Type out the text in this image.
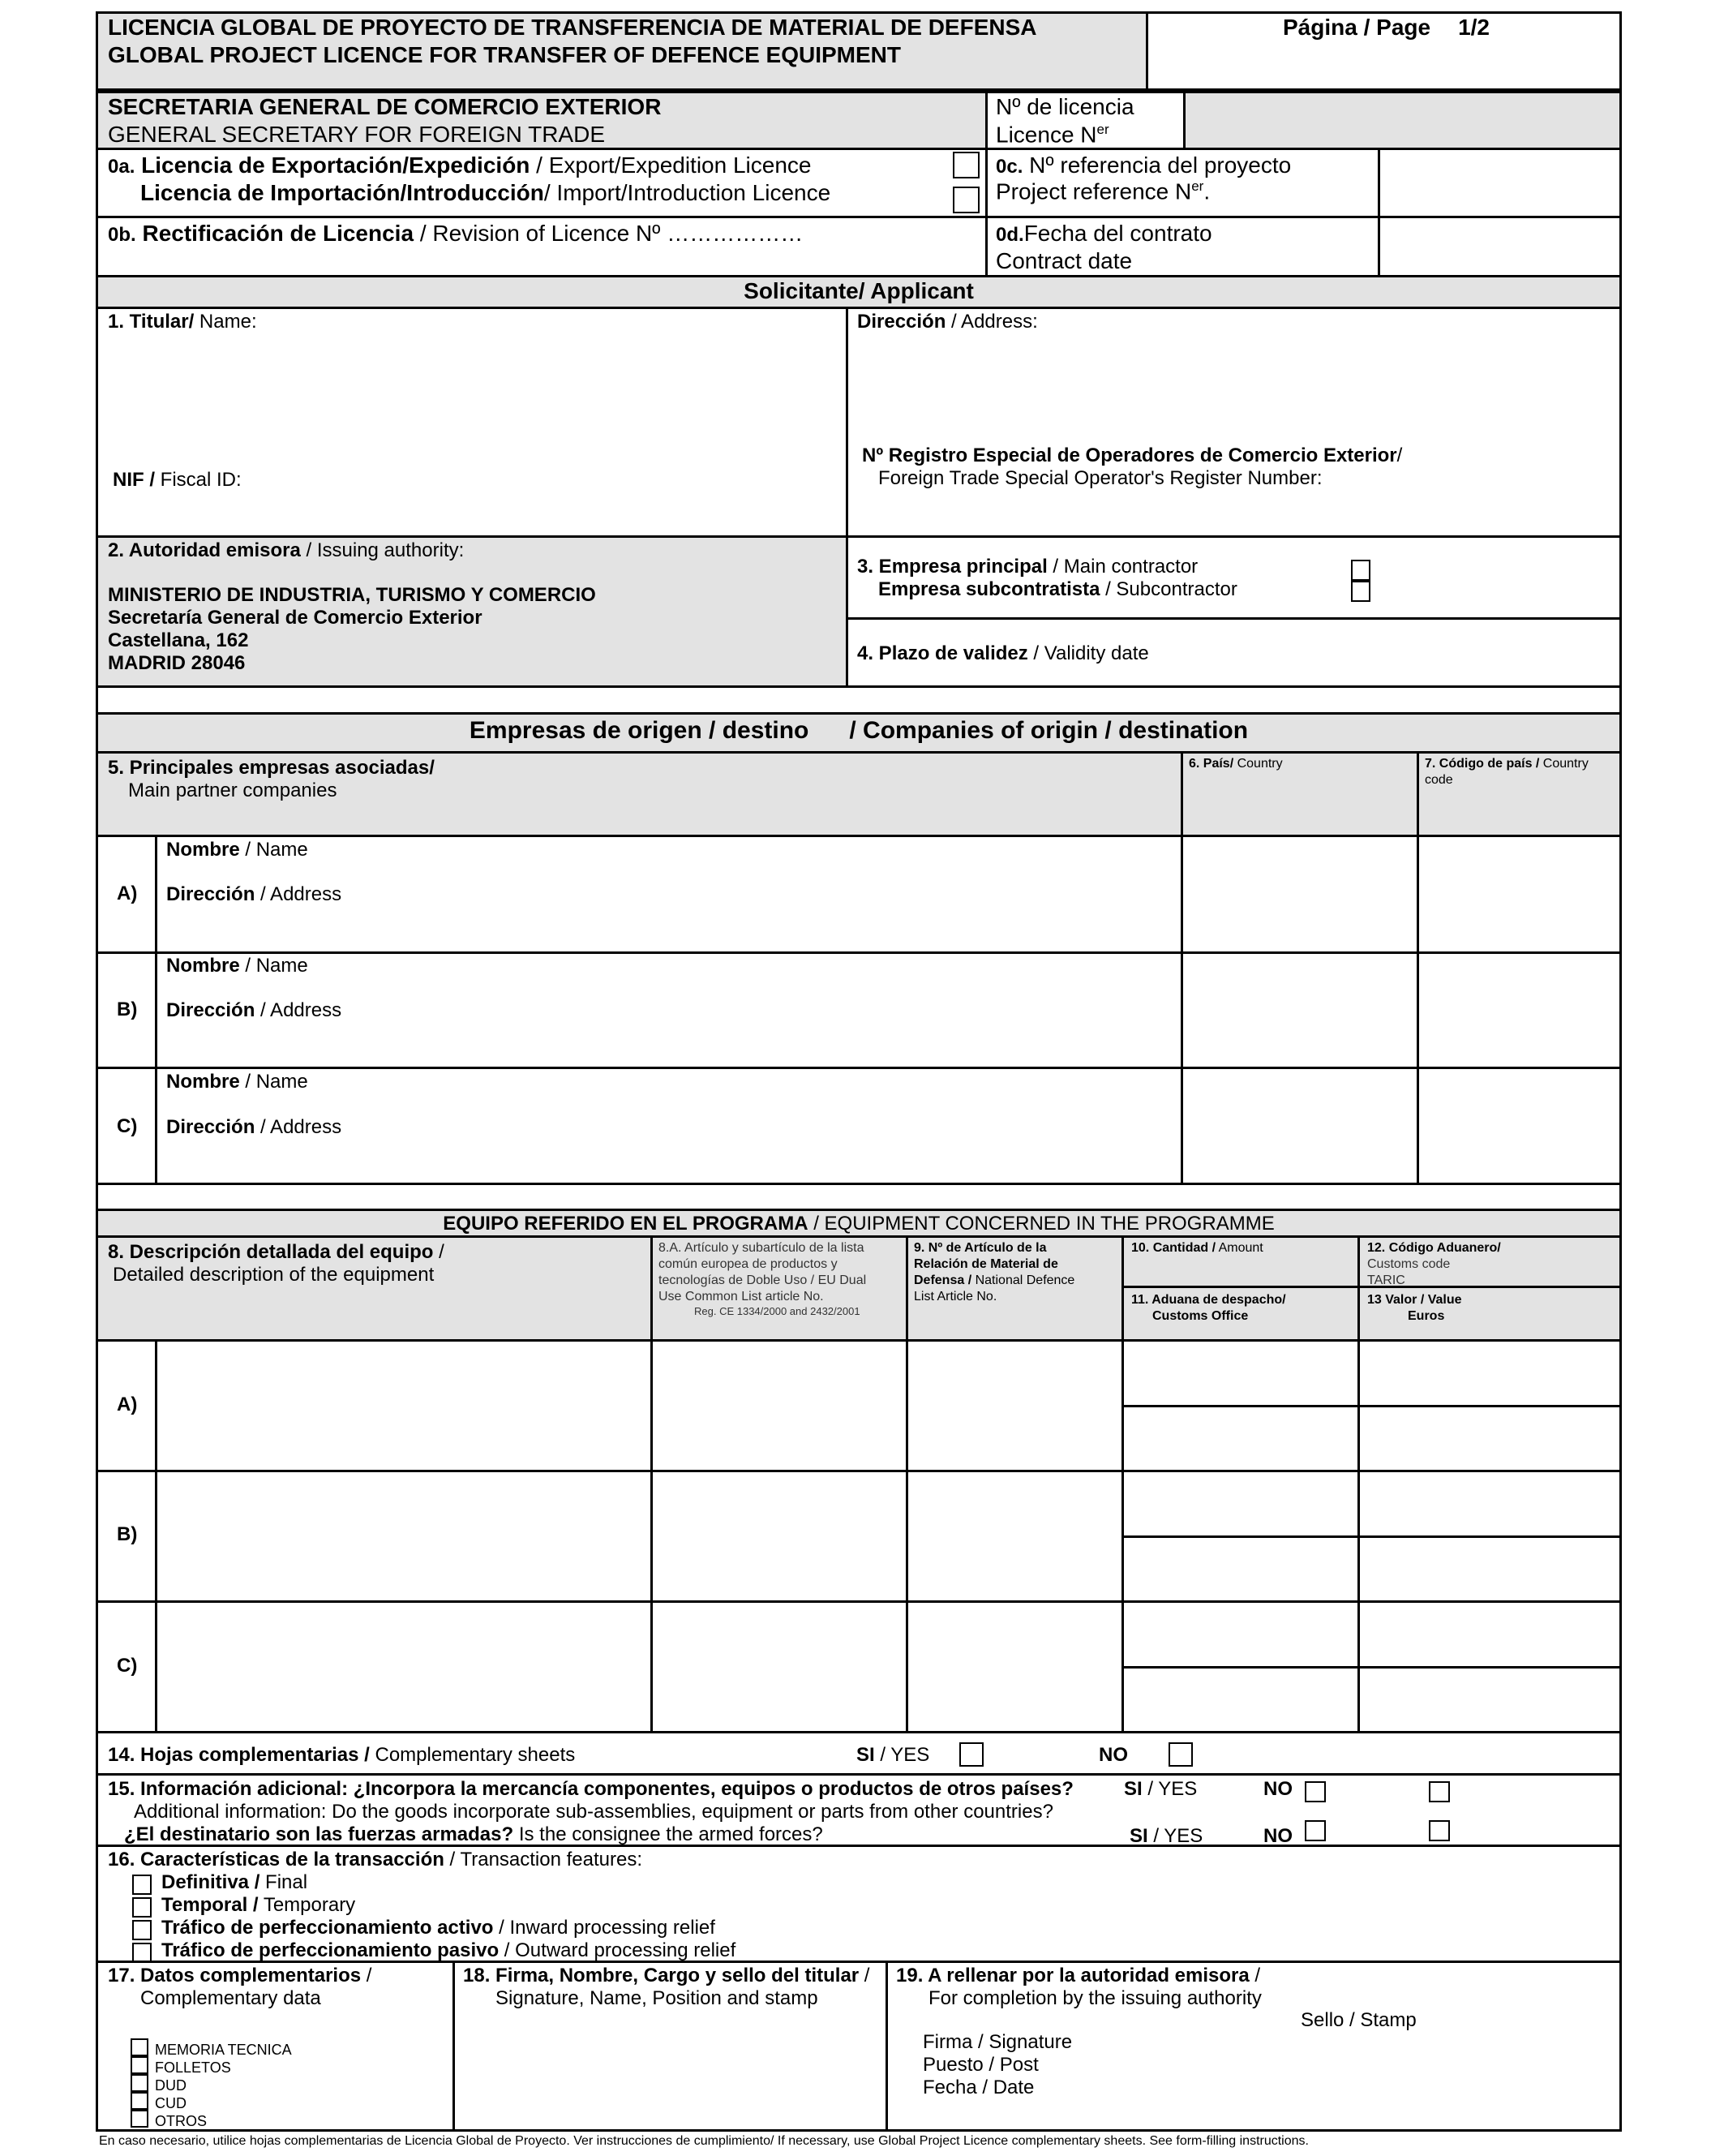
LICENCIA GLOBAL DE PROYECTO DE TRANSFERENCIA DE MATERIAL DE DEFENSA
GLOBAL PROJECT LICENCE FOR TRANSFER OF DEFENCE EQUIPMENT
Página / Page 1/2
SECRETARIA GENERAL DE COMERCIO EXTERIOR
GENERAL SECRETARY FOR FOREIGN TRADE
Nº de licencia
Licence $N^{er}$
0a. Licencia de Exportación/Expedición / Export/Expedition Licence
Licencia de Importación/Introducción/ Import/Introduction Licence
0c. Nº referencia del proyecto
Project reference $N^{er}$.
0b. Rectificación de Licencia / Revision of Licence Nº ………………	0d.Fecha del contrato
Contract date
Solicitante/ Applicant
1. Titular/ Name:	Dirección / Address:
NIF / Fiscal ID:
Nº Registro Especial de Operadores de Comercio Exterior/
Foreign Trade Special Operator's Register Number:
2. Autoridad emisora / Issuing authority:
MINISTERIO DE INDUSTRIA, TURISMO Y COMERCIO
Secretaría General de Comercio Exterior
Castellana, 162
MADRID 28046
3. Empresa principal / Main contractor
Empresa subcontratista / Subcontractor
4. Plazo de validez / Validity date
Empresas de origen / destino      / Companies of origin / destination
5. Principales empresas asociadas/
Main partner companies
6. País/ Country	7. Código de país / Country
code
A)
Nombre / Name
Dirección / Address
B)
Nombre / Name
Dirección / Address
C)
Nombre / Name
Dirección / Address
EQUIPO REFERIDO EN EL PROGRAMA / EQUIPMENT CONCERNED IN THE PROGRAMME
8. Descripción detallada del equipo /
Detailed description of the equipment
8.A. Artículo y subartículo de la lista
común europea de productos y
tecnologías de Doble Uso / EU Dual
Use Common List article No.
Reg. CE 1334/2000 and 2432/2001
9. Nº de Artículo de la
Relación de Material de
Defensa / National Defence
List Article No.
10. Cantidad / Amount	12. Código Aduanero/
Customs code
TARIC
11. Aduana de despacho/
Customs Office
13 Valor / Value
Euros
A)
B)
C)
14. Hojas complementarias / Complementary sheets	SI / YES	NO
15. Información adicional: ¿Incorpora la mercancía componentes, equipos o productos de otros países?
Additional information: Do the goods incorporate sub-assemblies, equipment or parts from other countries?
¿El destinatario son las fuerzas armadas? Is the consignee the armed forces?
SI / YES	NO
SI / YES	NO
16. Características de la transacción / Transaction features:
Definitiva / Final
Temporal / Temporary
Tráfico de perfeccionamiento activo / Inward processing relief
Tráfico de perfeccionamiento pasivo / Outward processing relief
17. Datos complementarios /
Complementary data
MEMORIA TECNICA
FOLLETOS
DUD
CUD
OTROS
18. Firma, Nombre, Cargo y sello del titular /
Signature, Name, Position and stamp
19. A rellenar por la autoridad emisora /
For completion by the issuing authority
Sello / Stamp
Firma / Signature
Puesto / Post
Fecha / Date
En caso necesario, utilice hojas complementarias de Licencia Global de Proyecto. Ver instrucciones de cumplimiento/ If necessary, use Global Project Licence complementary sheets. See form-filling instructions.
